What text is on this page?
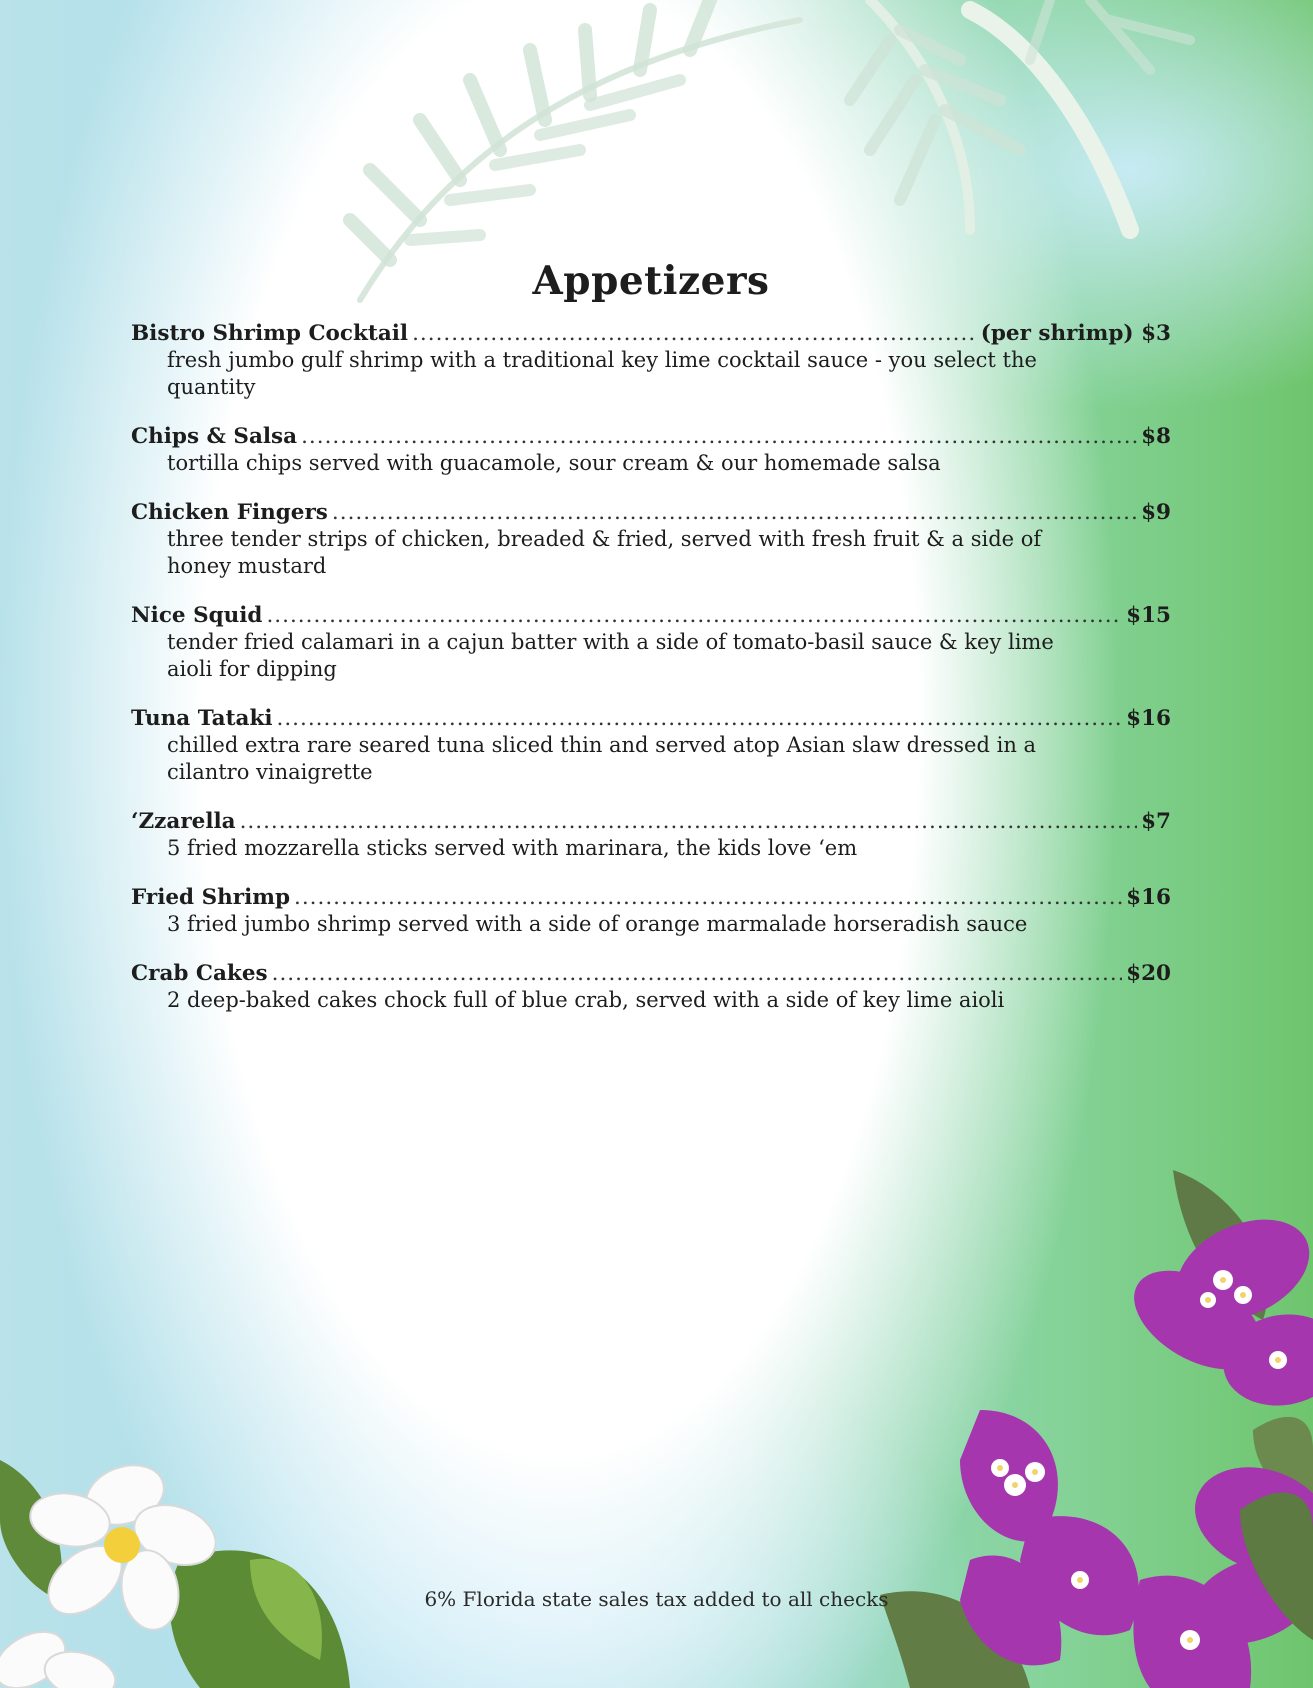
Appetizers
Bistro Shrimp Cocktail .....	(per shrimp) $3
fresh jumbo gulf shrimp with a traditional key lime cocktail sauce - you select the quantity
Chips & Salsa .....	$8
tortilla chips served with guacamole, sour cream & our homemade salsa
Chicken Fingers .....	$9
three tender strips of chicken, breaded & fried, served with fresh fruit & a side of honey mustard
Nice Squid .....	$15
tender fried calamari in a cajun batter with a side of tomato-basil sauce & key lime aioli for dipping
Tuna Tataki .....	$16
chilled extra rare seared tuna sliced thin and served atop Asian slaw dressed in a cilantro vinaigrette
‘Zzarella .....	$7
5 fried mozzarella sticks served with marinara, the kids love ‘em
Fried Shrimp .....	$16
3 fried jumbo shrimp served with a side of orange marmalade horseradish sauce
Crab Cakes .....	$20
2 deep-baked cakes chock full of blue crab, served with a side of key lime aioli
6% Florida state sales tax added to all checks
